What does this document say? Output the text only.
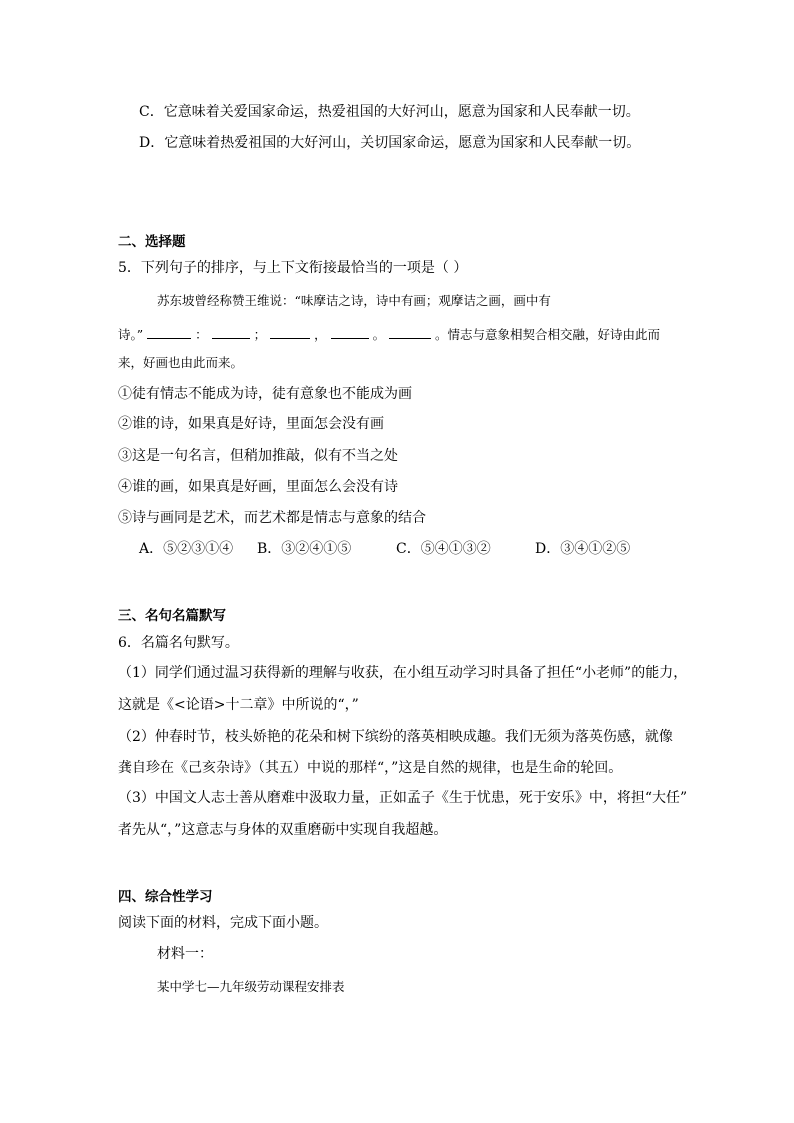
C．它意味着关爱国家命运，热爱祖国的大好河山，愿意为国家和人民奉献一切。
D．它意味着热爱祖国的大好河山，关切国家命运，愿意为国家和人民奉献一切。
二、选择题
5．下列句子的排序，与上下文衔接最恰当的一项是（ ）
苏东坡曾经称赞王维说：“味摩诘之诗，诗中有画；观摩诘之画，画中有
诗。”	：	；	，	。	。情志与意象相契合相交融，好诗由此而
来，好画也由此而来。
①徒有情志不能成为诗，徒有意象也不能成为画
②谁的诗，如果真是好诗，里面怎会没有画
③这是一句名言，但稍加推敲，似有不当之处
④谁的画，如果真是好画，里面怎么会没有诗
⑤诗与画同是艺术，而艺术都是情志与意象的结合
A．⑤②③①④ B．③②④①⑤	C．⑤④①③②	D．③④①②⑤
三、名句名篇默写
6．名篇名句默写。
（1）同学们通过温习获得新的理解与收获，在小组互动学习时具备了担任“小老师”的能力，
这就是《<论语>十二章》中所说的“，”
（2）仲春时节，枝头娇艳的花朵和树下缤纷的落英相映成趣。我们无须为落英伤感，就像
龚自珍在《己亥杂诗》（其五）中说的那样“，”这是自然的规律，也是生命的轮回。
（3）中国文人志士善从磨难中汲取力量，正如孟子《生于忧患，死于安乐》中，将担“大任”
者先从“，”这意志与身体的双重磨砺中实现自我超越。
四、综合性学习
阅读下面的材料，完成下面小题。
材料一：
某中学七—九年级劳动课程安排表
